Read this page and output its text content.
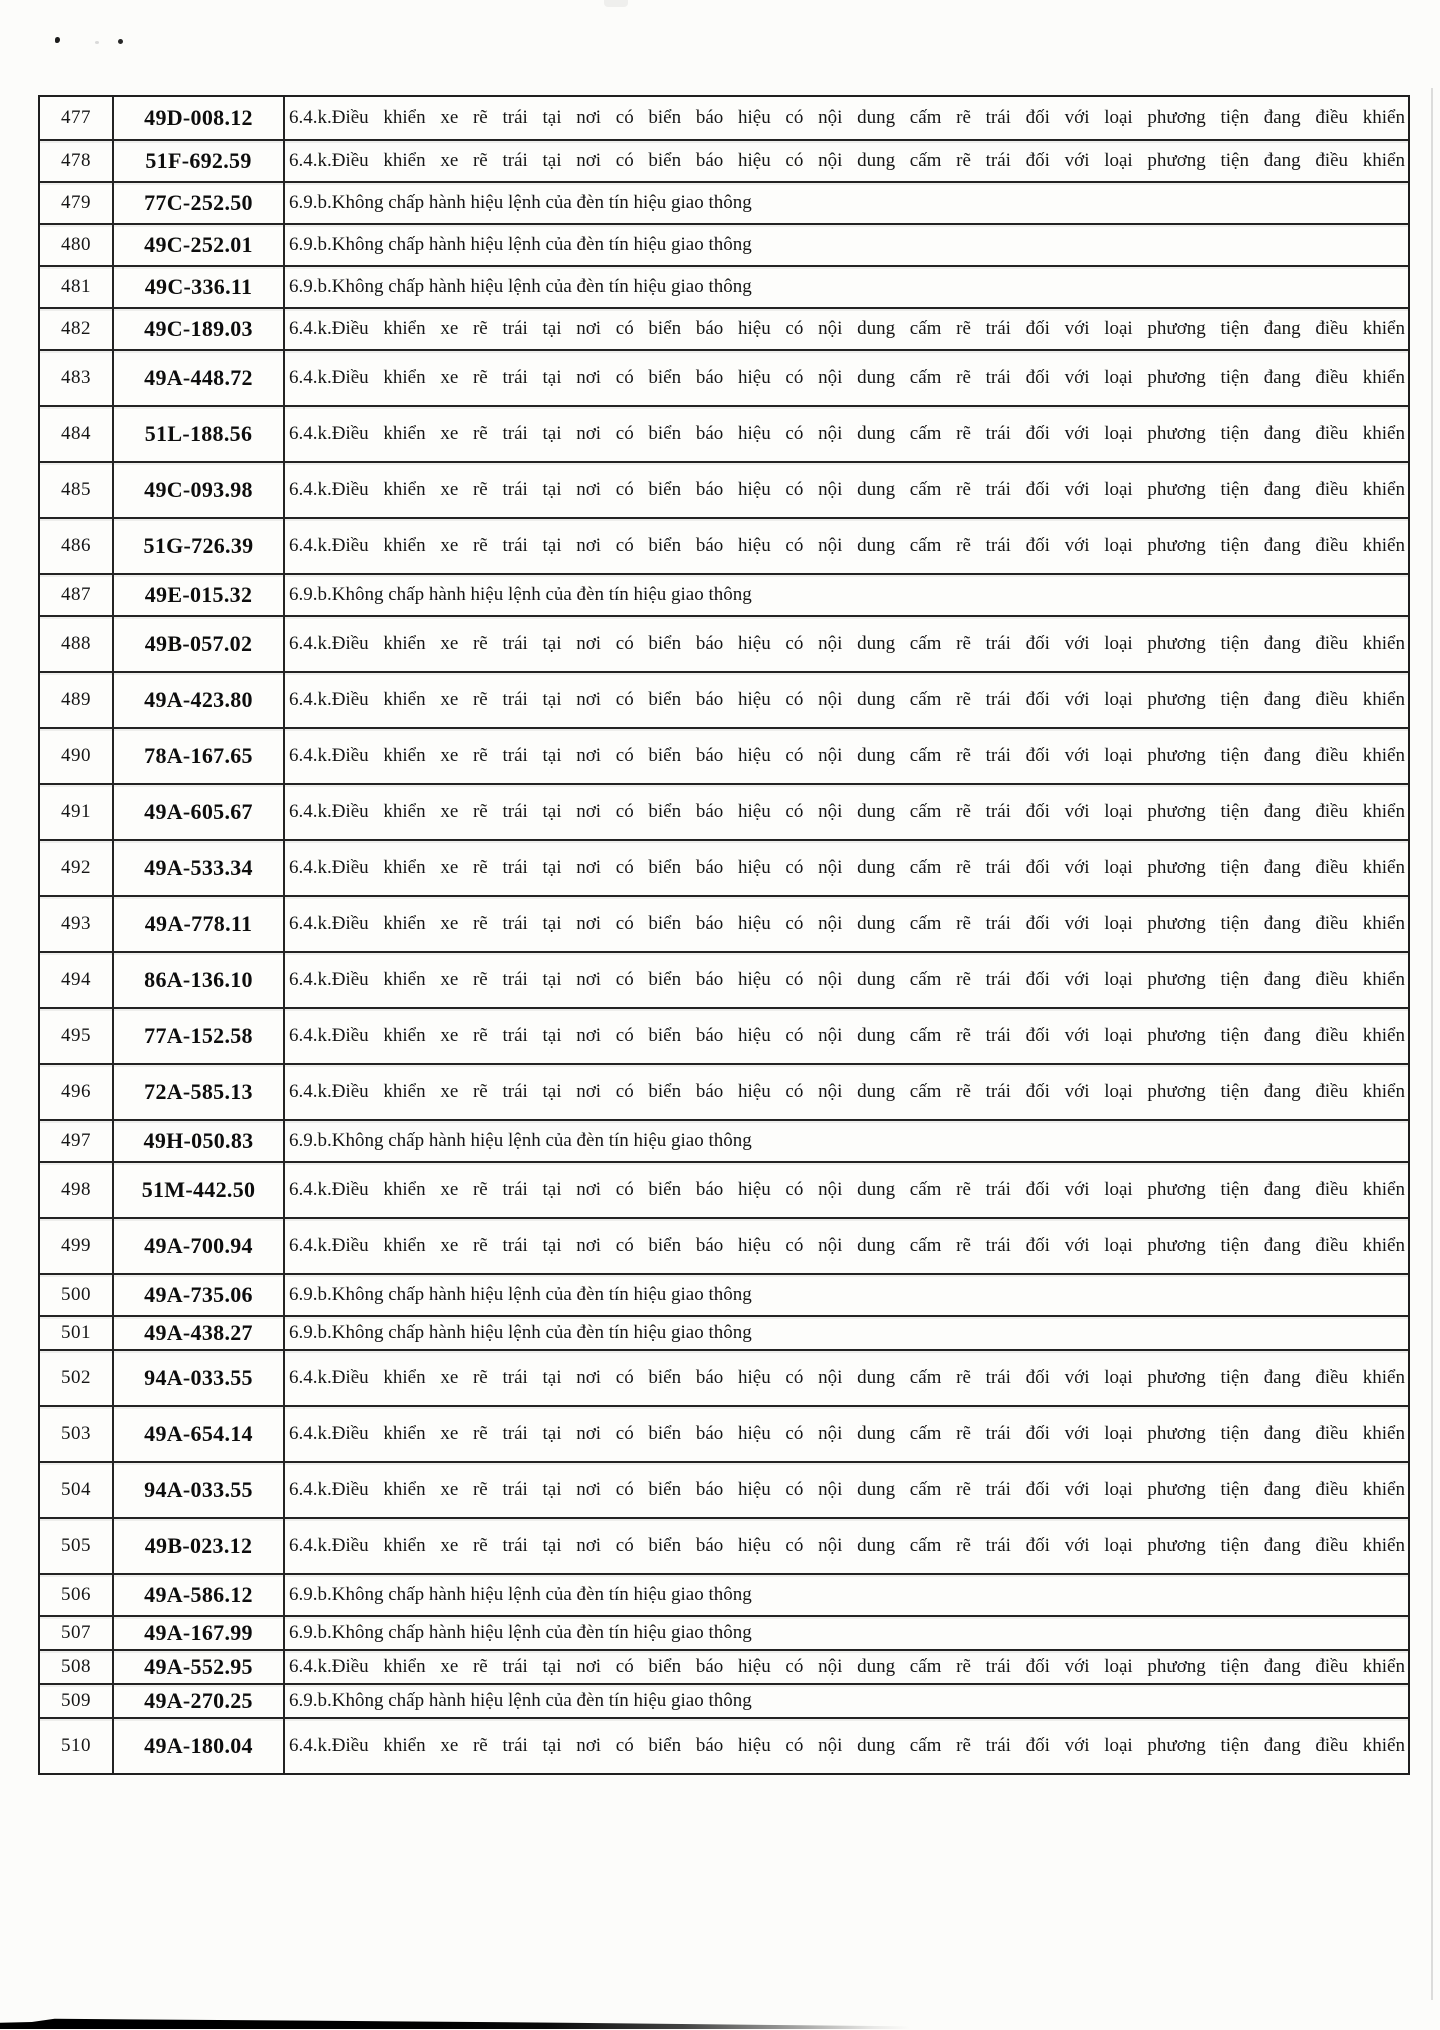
477	49D-008.12	6.4.k.Điều khiển xe rẽ trái tại nơi có biển báo hiệu có nội dung cấm rẽ trái đối với loại phương tiện đang điều khiển
478	51F-692.59	6.4.k.Điều khiển xe rẽ trái tại nơi có biển báo hiệu có nội dung cấm rẽ trái đối với loại phương tiện đang điều khiển
479	77C-252.50	6.9.b.Không chấp hành hiệu lệnh của đèn tín hiệu giao thông
480	49C-252.01	6.9.b.Không chấp hành hiệu lệnh của đèn tín hiệu giao thông
481	49C-336.11	6.9.b.Không chấp hành hiệu lệnh của đèn tín hiệu giao thông
482	49C-189.03	6.4.k.Điều khiển xe rẽ trái tại nơi có biển báo hiệu có nội dung cấm rẽ trái đối với loại phương tiện đang điều khiển
483	49A-448.72	6.4.k.Điều khiển xe rẽ trái tại nơi có biển báo hiệu có nội dung cấm rẽ trái đối với loại phương tiện đang điều khiển
484	51L-188.56	6.4.k.Điều khiển xe rẽ trái tại nơi có biển báo hiệu có nội dung cấm rẽ trái đối với loại phương tiện đang điều khiển
485	49C-093.98	6.4.k.Điều khiển xe rẽ trái tại nơi có biển báo hiệu có nội dung cấm rẽ trái đối với loại phương tiện đang điều khiển
486	51G-726.39	6.4.k.Điều khiển xe rẽ trái tại nơi có biển báo hiệu có nội dung cấm rẽ trái đối với loại phương tiện đang điều khiển
487	49E-015.32	6.9.b.Không chấp hành hiệu lệnh của đèn tín hiệu giao thông
488	49B-057.02	6.4.k.Điều khiển xe rẽ trái tại nơi có biển báo hiệu có nội dung cấm rẽ trái đối với loại phương tiện đang điều khiển
489	49A-423.80	6.4.k.Điều khiển xe rẽ trái tại nơi có biển báo hiệu có nội dung cấm rẽ trái đối với loại phương tiện đang điều khiển
490	78A-167.65	6.4.k.Điều khiển xe rẽ trái tại nơi có biển báo hiệu có nội dung cấm rẽ trái đối với loại phương tiện đang điều khiển
491	49A-605.67	6.4.k.Điều khiển xe rẽ trái tại nơi có biển báo hiệu có nội dung cấm rẽ trái đối với loại phương tiện đang điều khiển
492	49A-533.34	6.4.k.Điều khiển xe rẽ trái tại nơi có biển báo hiệu có nội dung cấm rẽ trái đối với loại phương tiện đang điều khiển
493	49A-778.11	6.4.k.Điều khiển xe rẽ trái tại nơi có biển báo hiệu có nội dung cấm rẽ trái đối với loại phương tiện đang điều khiển
494	86A-136.10	6.4.k.Điều khiển xe rẽ trái tại nơi có biển báo hiệu có nội dung cấm rẽ trái đối với loại phương tiện đang điều khiển
495	77A-152.58	6.4.k.Điều khiển xe rẽ trái tại nơi có biển báo hiệu có nội dung cấm rẽ trái đối với loại phương tiện đang điều khiển
496	72A-585.13	6.4.k.Điều khiển xe rẽ trái tại nơi có biển báo hiệu có nội dung cấm rẽ trái đối với loại phương tiện đang điều khiển
497	49H-050.83	6.9.b.Không chấp hành hiệu lệnh của đèn tín hiệu giao thông
498	51M-442.50	6.4.k.Điều khiển xe rẽ trái tại nơi có biển báo hiệu có nội dung cấm rẽ trái đối với loại phương tiện đang điều khiển
499	49A-700.94	6.4.k.Điều khiển xe rẽ trái tại nơi có biển báo hiệu có nội dung cấm rẽ trái đối với loại phương tiện đang điều khiển
500	49A-735.06	6.9.b.Không chấp hành hiệu lệnh của đèn tín hiệu giao thông
501	49A-438.27	6.9.b.Không chấp hành hiệu lệnh của đèn tín hiệu giao thông
502	94A-033.55	6.4.k.Điều khiển xe rẽ trái tại nơi có biển báo hiệu có nội dung cấm rẽ trái đối với loại phương tiện đang điều khiển
503	49A-654.14	6.4.k.Điều khiển xe rẽ trái tại nơi có biển báo hiệu có nội dung cấm rẽ trái đối với loại phương tiện đang điều khiển
504	94A-033.55	6.4.k.Điều khiển xe rẽ trái tại nơi có biển báo hiệu có nội dung cấm rẽ trái đối với loại phương tiện đang điều khiển
505	49B-023.12	6.4.k.Điều khiển xe rẽ trái tại nơi có biển báo hiệu có nội dung cấm rẽ trái đối với loại phương tiện đang điều khiển
506	49A-586.12	6.9.b.Không chấp hành hiệu lệnh của đèn tín hiệu giao thông
507	49A-167.99	6.9.b.Không chấp hành hiệu lệnh của đèn tín hiệu giao thông
508	49A-552.95	6.4.k.Điều khiển xe rẽ trái tại nơi có biển báo hiệu có nội dung cấm rẽ trái đối với loại phương tiện đang điều khiển
509	49A-270.25	6.9.b.Không chấp hành hiệu lệnh của đèn tín hiệu giao thông
510	49A-180.04	6.4.k.Điều khiển xe rẽ trái tại nơi có biển báo hiệu có nội dung cấm rẽ trái đối với loại phương tiện đang điều khiển
